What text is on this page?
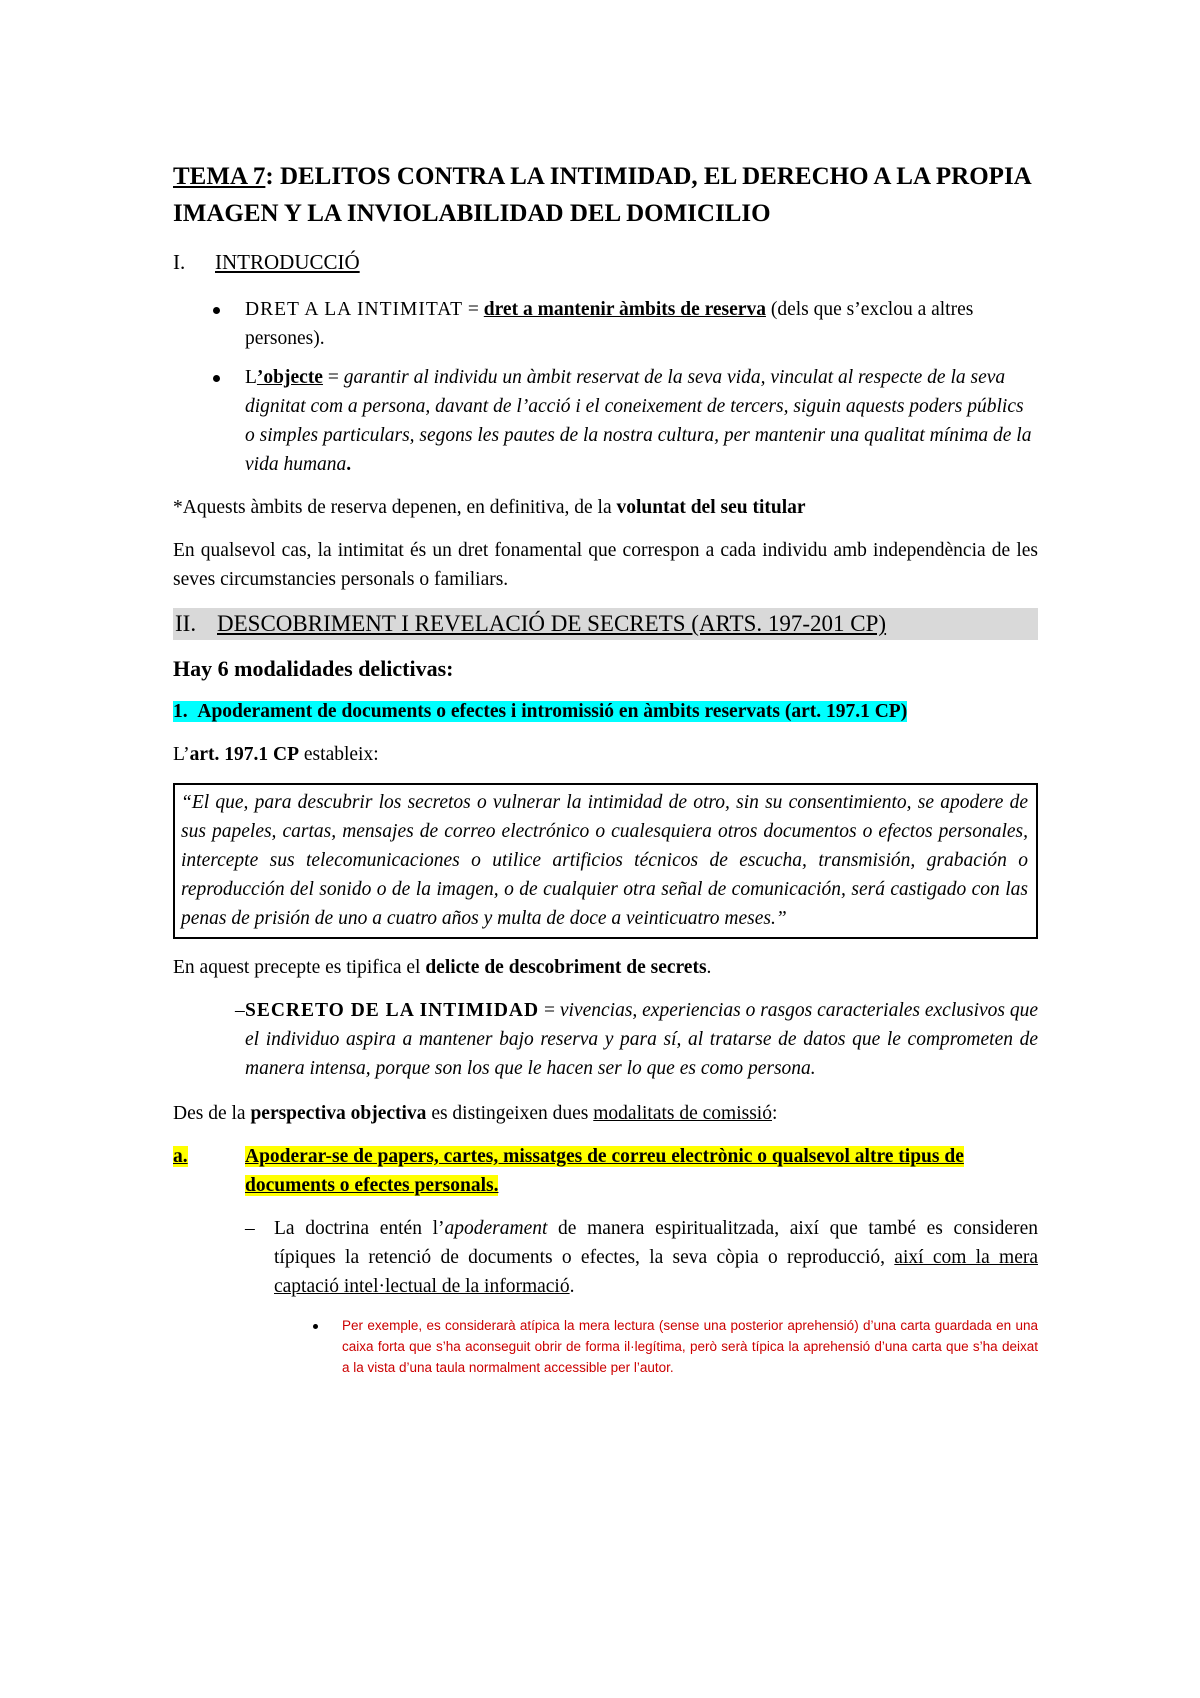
TEMA 7: DELITOS CONTRA LA INTIMIDAD, EL DERECHO A LA PROPIA IMAGEN Y LA INVIOLABILIDAD DEL DOMICILIO
I.	INTRODUCCIÓ
DRET A LA INTIMITAT = dret a mantenir àmbits de reserva (dels que s’exclou a altres persones).
L’objecte = garantir al individu un àmbit reservat de la seva vida, vinculat al respecte de la seva dignitat com a persona, davant de l’acció i el coneixement de tercers, siguin aquests poders públics o simples particulars, segons les pautes de la nostra cultura, per mantenir una qualitat mínima de la vida humana.

*Aquests àmbits de reserva depenen, en definitiva, de la voluntat del seu titular

En qualsevol cas, la intimitat és un dret fonamental que correspon a cada individu amb independència de les seves circumstancies personals o familiars.

II. DESCOBRIMENT I REVELACIÓ DE SECRETS (ARTS. 197-201 CP)
Hay 6 modalidades delictivas:

1.  Apoderament de documents o efectes i intromissió en àmbits reservats (art. 197.1 CP)

L’art. 197.1 CP estableix:

“El que, para descubrir los secretos o vulnerar la intimidad de otro, sin su consentimiento, se apodere de sus papeles, cartas, mensajes de correo electrónico o cualesquiera otros documentos o efectos personales, intercepte sus telecomunicaciones o utilice artificios técnicos de escucha, transmisión, grabación o reproducción del sonido o de la imagen, o de cualquier otra señal de comunicación, será castigado con las penas de prisión de uno a cuatro años y multa de doce a veinticuatro meses.”

En aquest precepte es tipifica el delicte de descobriment de secrets.

– SECRETO DE LA INTIMIDAD = vivencias, experiencias o rasgos caracteriales exclusivos que el individuo aspira a mantener bajo reserva y para sí, al tratarse de datos que le comprometen de manera intensa, porque son los que le hacen ser lo que es como persona.

Des de la perspectiva objectiva es distingeixen dues modalitats de comissió:

a.	Apoderar-se de papers, cartes, missatges de correu electrònic o qualsevol altre tipus de documents o efectes personals.
– La doctrina entén l’apoderament de manera espiritualitzada, així que també es consideren típiques la retenció de documents o efectes, la seva còpia o reproducció, així com la mera captació intel·lectual de la informació.
Per exemple, es considerarà atípica la mera lectura (sense una posterior aprehensió) d’una carta guardada en una caixa forta que s’ha aconseguit obrir de forma il·legítima, però serà típica la aprehensió d’una carta que s’ha deixat a la vista d’una taula normalment accessible per l’autor.
